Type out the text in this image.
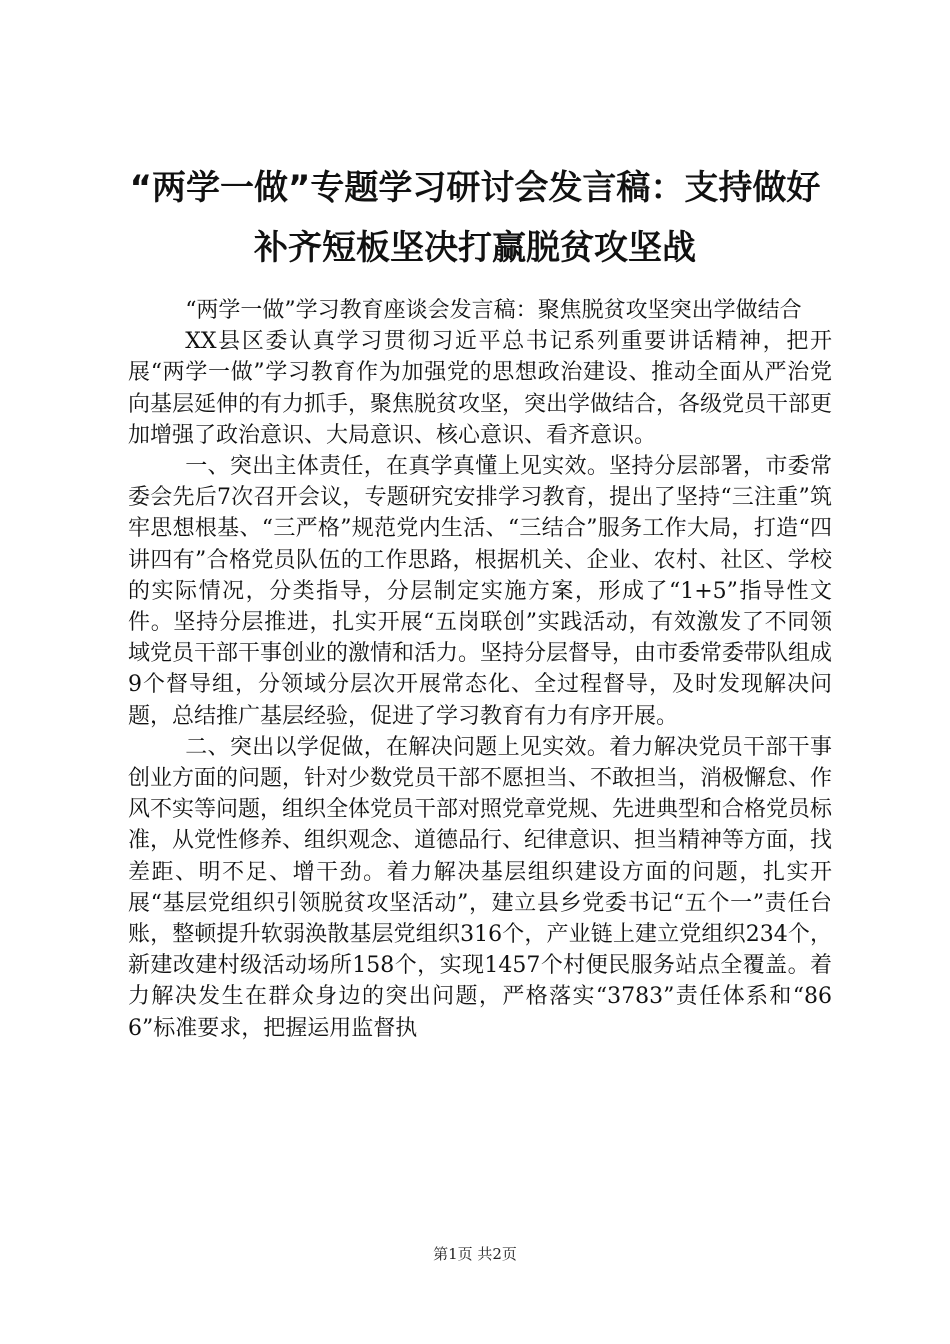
“两学一做”专题学习研讨会发言稿：支持做好补齐短板坚决打赢脱贫攻坚战

“两学一做”学习教育座谈会发言稿：聚焦脱贫攻坚突出学做结合

XX县区委认真学习贯彻习近平总书记系列重要讲话精神，把开展“两学一做”学习教育作为加强党的思想政治建设、推动全面从严治党向基层延伸的有力抓手，聚焦脱贫攻坚，突出学做结合，各级党员干部更加增强了政治意识、大局意识、核心意识、看齐意识。

一、突出主体责任，在真学真懂上见实效。坚持分层部署，市委常委会先后7次召开会议，专题研究安排学习教育，提出了坚持“三注重”筑牢思想根基、“三严格”规范党内生活、“三结合”服务工作大局，打造“四讲四有”合格党员队伍的工作思路，根据机关、企业、农村、社区、学校的实际情况，分类指导，分层制定实施方案，形成了“1+5”指导性文件。坚持分层推进，扎实开展“五岗联创”实践活动，有效激发了不同领域党员干部干事创业的激情和活力。坚持分层督导，由市委常委带队组成9个督导组，分领域分层次开展常态化、全过程督导，及时发现解决问题，总结推广基层经验，促进了学习教育有力有序开展。

二、突出以学促做，在解决问题上见实效。着力解决党员干部干事创业方面的问题，针对少数党员干部不愿担当、不敢担当，消极懈怠、作风不实等问题，组织全体党员干部对照党章党规、先进典型和合格党员标准，从党性修养、组织观念、道德品行、纪律意识、担当精神等方面，找差距、明不足、增干劲。着力解决基层组织建设方面的问题，扎实开展“基层党组织引领脱贫攻坚活动”，建立县乡党委书记“五个一”责任台账，整顿提升软弱涣散基层党组织316个，产业链上建立党组织234个，新建改建村级活动场所158个，实现1457个村便民服务站点全覆盖。着力解决发生在群众身边的突出问题，严格落实“3783”责任体系和“866”标准要求，把握运用监督执

第1页 共2页
